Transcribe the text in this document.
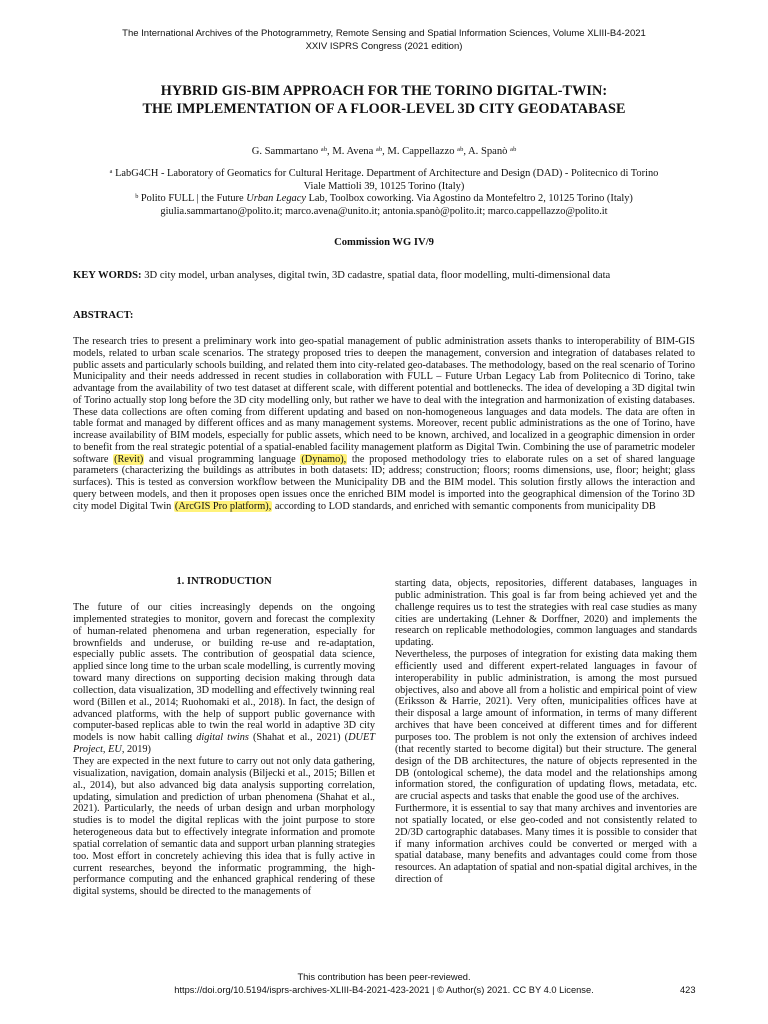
The International Archives of the Photogrammetry, Remote Sensing and Spatial Information Sciences, Volume XLIII-B4-2021
XXIV ISPRS Congress (2021 edition)
HYBRID GIS-BIM APPROACH FOR THE TORINO DIGITAL-TWIN:
THE IMPLEMENTATION OF A FLOOR-LEVEL 3D CITY GEODATABASE
G. Sammartano ᵃᵇ, M. Avena ᵃᵇ, M. Cappellazzo ᵃᵇ, A. Spanò ᵃᵇ

ᵃ LabG4CH - Laboratory of Geomatics for Cultural Heritage. Department of Architecture and Design (DAD) - Politecnico di Torino

Viale Mattioli 39, 10125 Torino (Italy)

ᵇ Polito FULL | the Future Urban Legacy Lab, Toolbox coworking. Via Agostino da Montefeltro 2, 10125 Torino (Italy)

giulia.sammartano@polito.it; marco.avena@unito.it; antonia.spanò@polito.it; marco.cappellazzo@polito.it

Commission WG IV/9
KEY WORDS: 3D city model, urban analyses, digital twin, 3D cadastre, spatial data, floor modelling, multi-dimensional data
ABSTRACT:
The research tries to present a preliminary work into geo-spatial management of public administration assets thanks to interoperability of BIM-GIS models, related to urban scale scenarios. The strategy proposed tries to deepen the management, conversion and integration of databases related to public assets and particularly schools building, and related them into city-related geo-databases. The methodology, based on the real scenario of Torino Municipality and their needs addressed in recent studies in collaboration with FULL – Future Urban Legacy Lab from Politecnico di Torino, take advantage from the availability of two test dataset at different scale, with different potential and bottlenecks. The idea of developing a 3D digital twin of Torino actually stop long before the 3D city modelling only, but rather we have to deal with the integration and harmonization of existing databases. These data collections are often coming from different updating and based on non-homogeneous languages and data models. The data are often in table format and managed by different offices and as many management systems. Moreover, recent public administrations as the one of Torino, have increase availability of BIM models, especially for public assets, which need to be known, archived, and localized in a geographic dimension in order to benefit from the real strategic potential of a spatial-enabled facility management platform as Digital Twin. Combining the use of parametric modeler software (Revit) and visual programming language (Dynamo), the proposed methodology tries to elaborate rules on a set of shared language parameters (characterizing the buildings as attributes in both datasets: ID; address; construction; floors; rooms dimensions, use, floor; height; glass surfaces). This is tested as conversion workflow between the Municipality DB and the BIM model. This solution firstly allows the interaction and query between models, and then it proposes open issues once the enriched BIM model is imported into the geographical dimension of the Torino 3D city model Digital Twin (ArcGIS Pro platform), according to LOD standards, and enriched with semantic components from municipality DB
1. INTRODUCTION

The future of our cities increasingly depends on the ongoing implemented strategies to monitor, govern and forecast the complexity of human-related phenomena and urban regeneration, especially for brownfields and underuse, or building re-use and re-adaptation, especially public assets. The contribution of geospatial data science, applied since long time to the urban scale modelling, is currently moving toward many directions on supporting decision making through data collection, data visualization, 3D modelling and effectively twinning real word (Billen et al., 2014; Ruohomaki et al., 2018). In fact, the design of advanced platforms, with the help of support public governance with computer-based replicas able to twin the real world in adaptive 3D city models is now habit calling digital twins (Shahat et al., 2021) (DUET Project, EU, 2019)

They are expected in the next future to carry out not only data gathering, visualization, navigation, domain analysis (Biljecki et al., 2015; Billen et al., 2014), but also advanced big data analysis supporting correlation, updating, simulation and prediction of urban phenomena (Shahat et al., 2021). Particularly, the needs of urban design and urban morphology studies is to model the digital replicas with the joint purpose to store heterogeneous data but to effectively integrate information and promote spatial correlation of semantic data and support urban planning strategies too. Most effort in concretely achieving this idea that is fully active in current researches, beyond the informatic programming, the high-performance computing and the enhanced graphical rendering of these digital systems, should be directed to the managements of

starting data, objects, repositories, different databases, languages in public administration. This goal is far from being achieved yet and the challenge requires us to test the strategies with real case studies as many cities are undertaking (Lehner & Dorffner, 2020) and implements the research on replicable methodologies, common languages and standards updating.

Nevertheless, the purposes of integration for existing data making them efficiently used and different expert-related languages in favour of interoperability in public administration, is among the most pursued objectives, also and above all from a holistic and empirical point of view (Eriksson & Harrie, 2021). Very often, municipalities offices have at their disposal a large amount of information, in terms of many different archives that have been conceived at different times and for different purposes too. The problem is not only the extension of archives indeed (that recently started to become digital) but their structure. The general design of the DB architectures, the nature of objects represented in the DB (ontological scheme), the data model and the relationships among information stored, the configuration of updating flows, metadata, etc. are crucial aspects and tasks that enable the good use of the archives.

Furthermore, it is essential to say that many archives and inventories are not spatially located, or else geo-coded and not consistently related to 2D/3D cartographic databases. Many times it is possible to consider that if many information archives could be converted or merged with a spatial database, many benefits and advantages could come from those resources. An adaptation of spatial and non-spatial digital archives, in the direction of

This contribution has been peer-reviewed.
https://doi.org/10.5194/isprs-archives-XLIII-B4-2021-423-2021 | © Author(s) 2021. CC BY 4.0 License.	423
